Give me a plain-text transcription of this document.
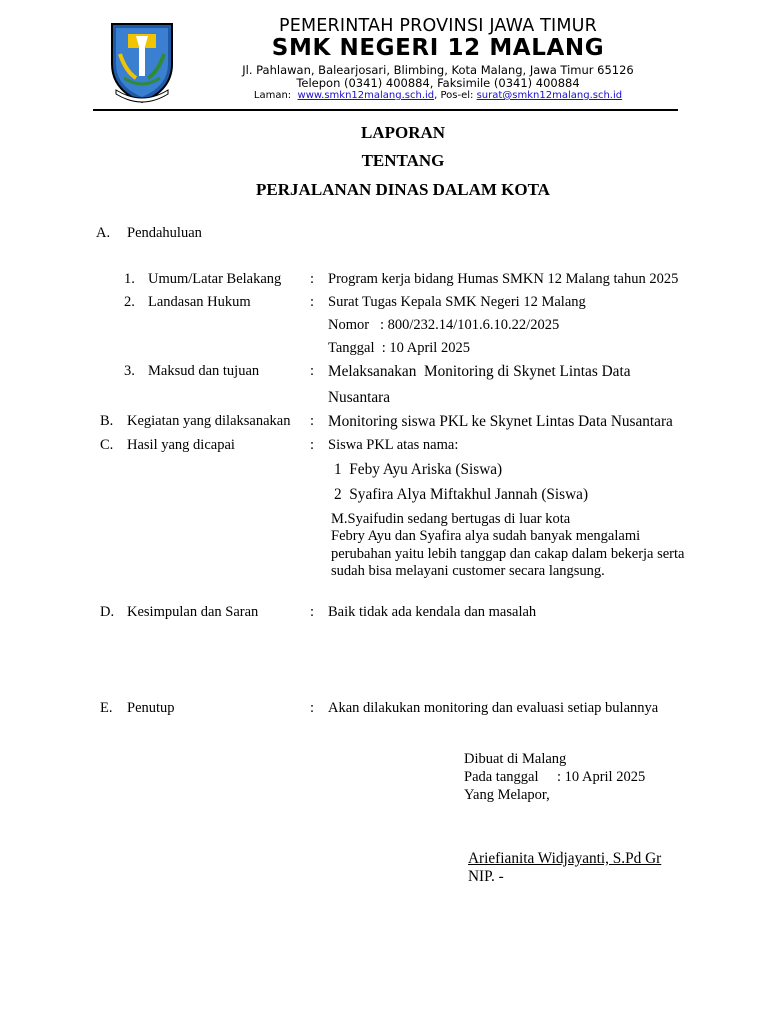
PEMERINTAH PROVINSI JAWA TIMUR
SMK NEGERI 12 MALANG
Jl. Pahlawan, Balearjosari, Blimbing, Kota Malang, Jawa Timur 65126
Telepon (0341) 400884, Faksimile (0341) 400884
Laman: www.smkn12malang.sch.id, Pos-el: surat@smkn12malang.sch.id
LAPORAN
TENTANG
PERJALANAN DINAS DALAM KOTA
A. Pendahuluan
1. Umum/Latar Belakang : Program kerja bidang Humas SMKN 12 Malang tahun 2025
2. Landasan Hukum	: Surat Tugas Kepala SMK Negeri 12 Malang
Nomor   : 800/232.14/101.6.10.22/2025
Tanggal  : 10 April 2025
3. Maksud dan tujuan	: Melaksanakan  Monitoring di Skynet Lintas Data
Nusantara
B. Kegiatan yang dilaksanakan : Monitoring siswa PKL ke Skynet Lintas Data Nusantara
C. Hasil yang dicapai	: Siswa PKL atas nama:
1  Feby Ayu Ariska (Siswa)
2  Syafira Alya Miftakhul Jannah (Siswa)
M.Syaifudin sedang bertugas di luar kota
Febry Ayu dan Syafira alya sudah banyak mengalami
perubahan yaitu lebih tanggap dan cakap dalam bekerja serta
sudah bisa melayani customer secara langsung.
D. Kesimpulan dan Saran	: Baik tidak ada kendala dan masalah
E. Penutup	: Akan dilakukan monitoring dan evaluasi setiap bulannya
Dibuat di Malang
Pada tanggal : 10 April 2025
Yang Melapor,
Ariefianita Widjayanti, S.Pd Gr
NIP. -
